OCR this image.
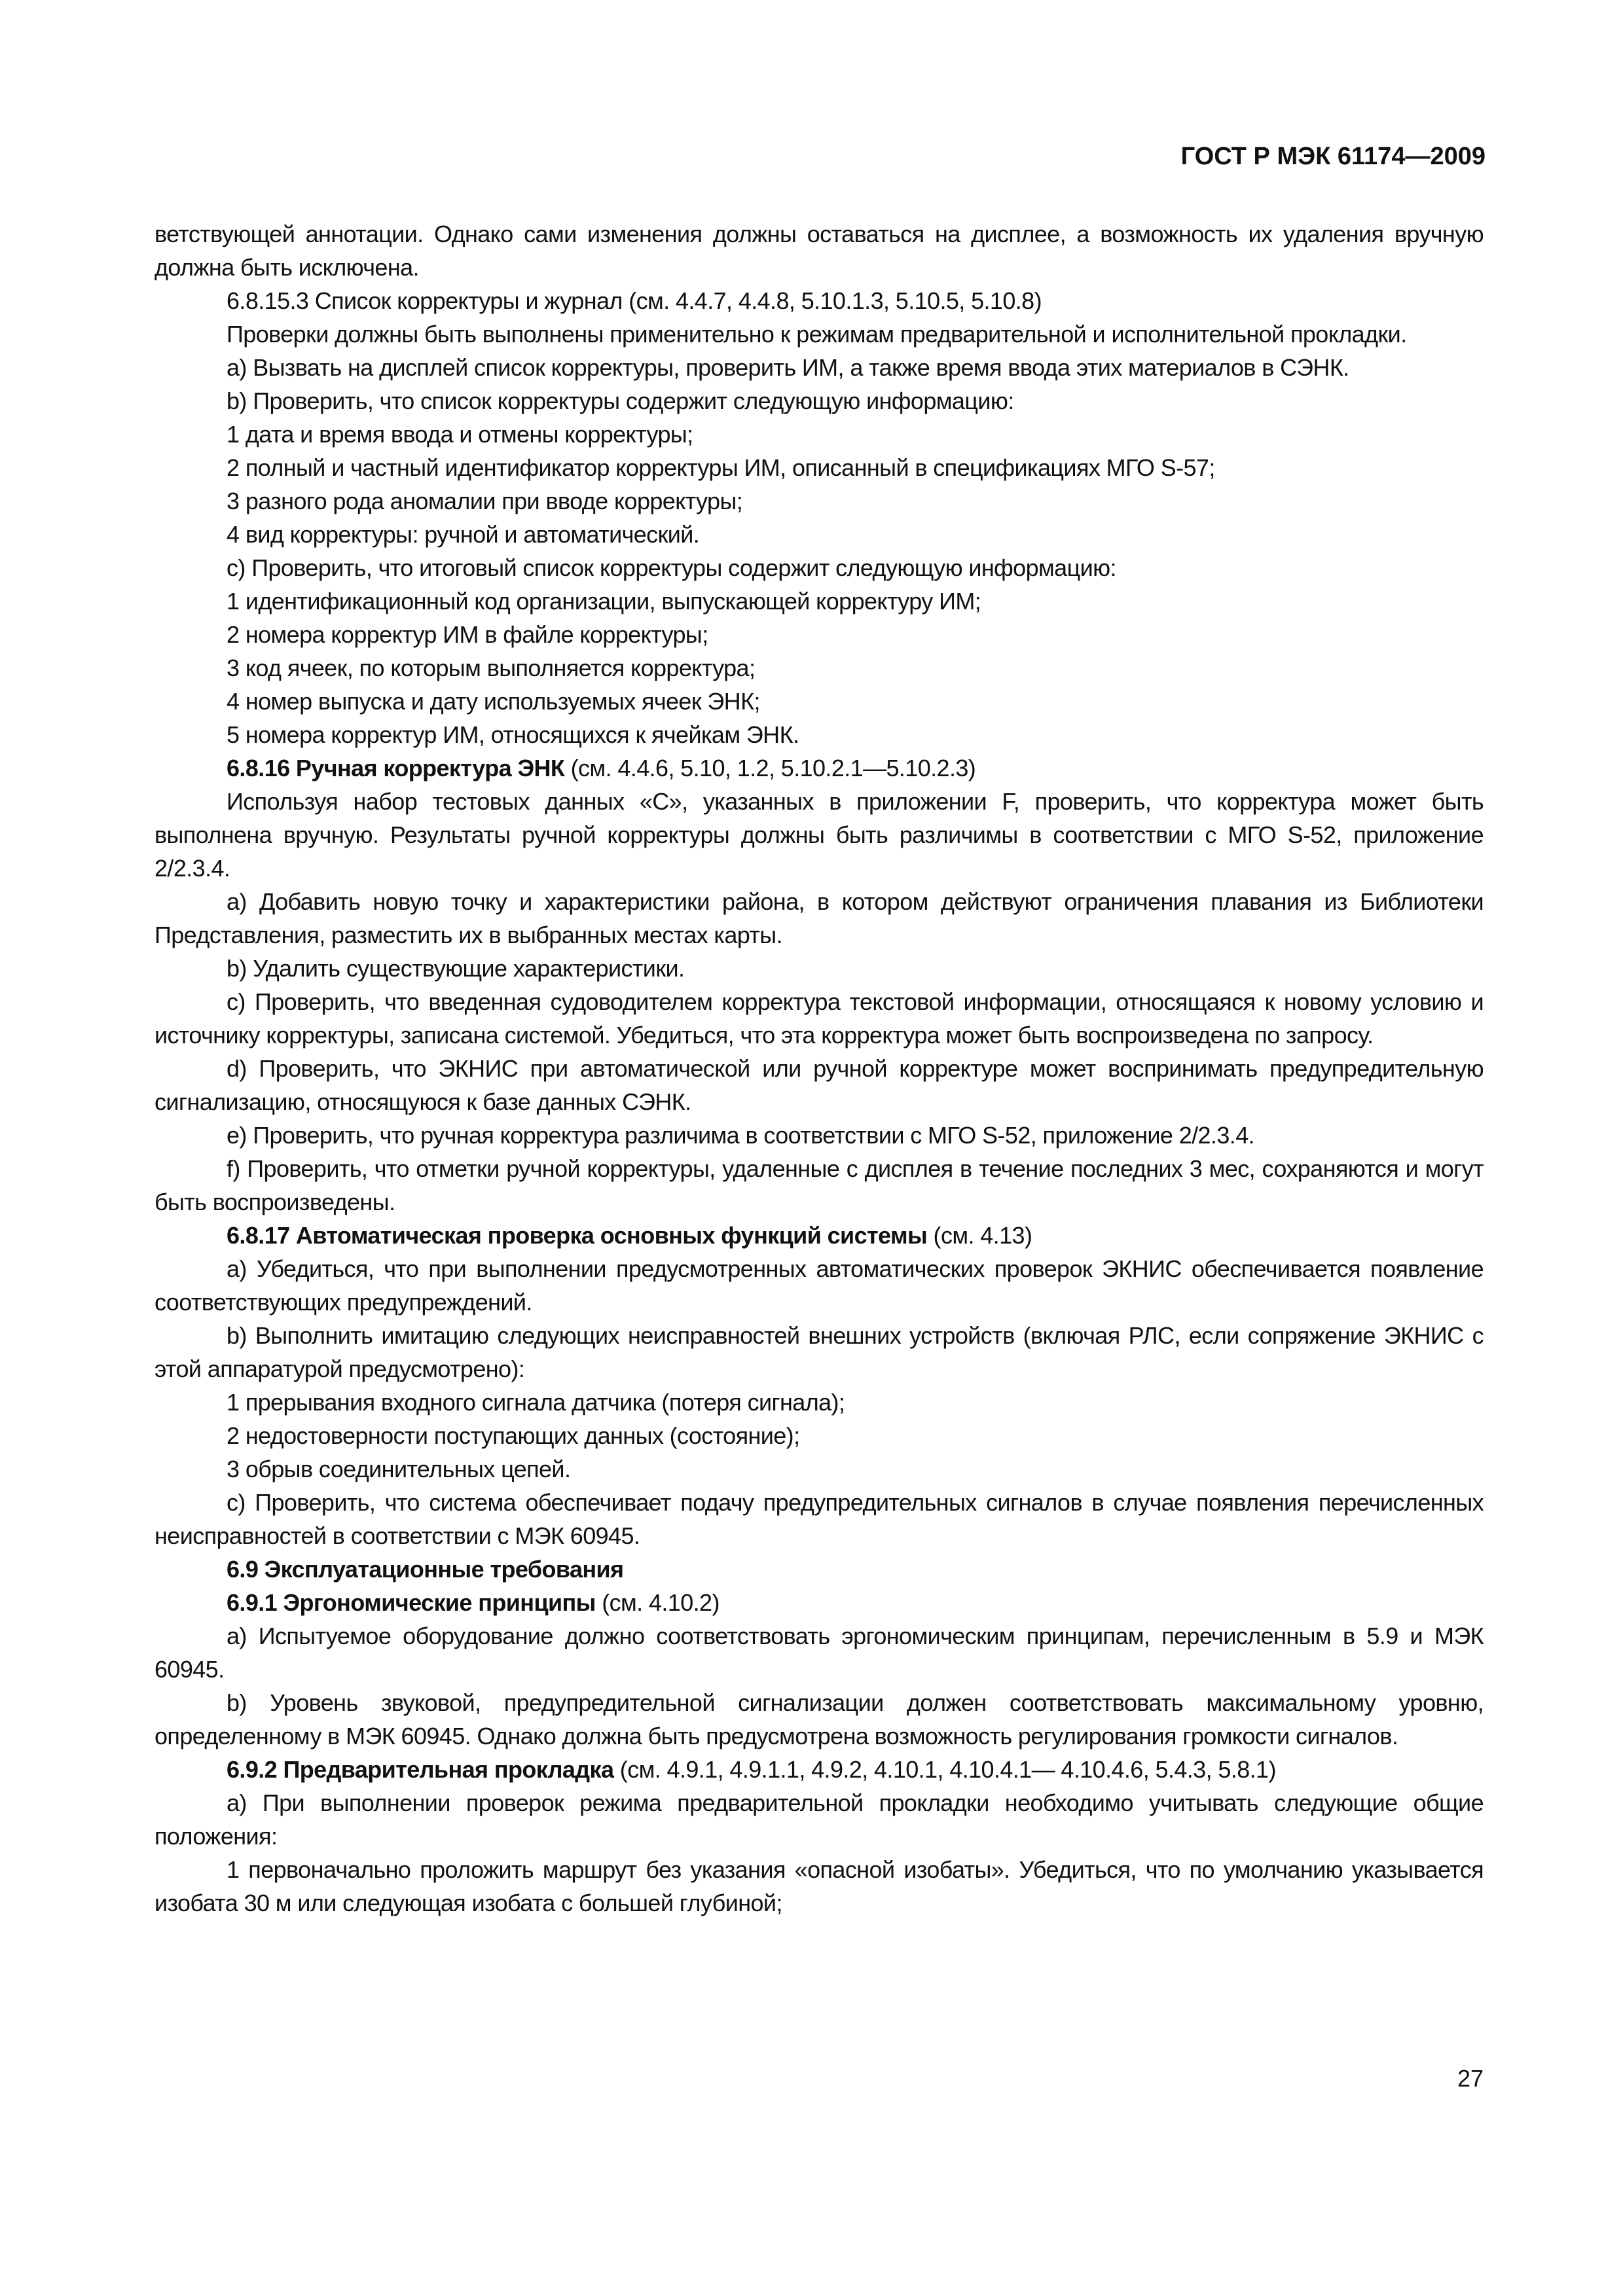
ГОСТ Р МЭК 61174—2009

ветствующей аннотации. Однако сами изменения должны оставаться на дисплее, а возможность их удаления вручную должна быть исключена.

6.8.15.3 Список корректуры и журнал (см. 4.4.7, 4.4.8, 5.10.1.3, 5.10.5, 5.10.8)

Проверки должны быть выполнены применительно к режимам предварительной и исполнительной прокладки.

a) Вызвать на дисплей список корректуры, проверить ИМ, а также время ввода этих материалов в СЭНК.

b) Проверить, что список корректуры содержит следующую информацию:

1 дата и время ввода и отмены корректуры;

2 полный и частный идентификатор корректуры ИМ, описанный в спецификациях МГО S-57;

3 разного рода аномалии при вводе корректуры;

4 вид корректуры: ручной и автоматический.

c) Проверить, что итоговый список корректуры содержит следующую информацию:

1 идентификационный код организации, выпускающей корректуру ИМ;

2 номера корректур ИМ в файле корректуры;

3 код ячеек, по которым выполняется корректура;

4 номер выпуска и дату используемых ячеек ЭНК;

5 номера корректур ИМ, относящихся к ячейкам ЭНК.

6.8.16 Ручная корректура ЭНК (см. 4.4.6, 5.10, 1.2, 5.10.2.1—5.10.2.3)

Используя набор тестовых данных «С», указанных в приложении F, проверить, что корректура может быть выполнена вручную. Результаты ручной корректуры должны быть различимы в соответствии с МГО S-52, приложение 2/2.3.4.

a) Добавить новую точку и характеристики района, в котором действуют ограничения плавания из Библиотеки Представления, разместить их в выбранных местах карты.

b) Удалить существующие характеристики.

c) Проверить, что введенная судоводителем корректура текстовой информации, относящаяся к новому условию и источнику корректуры, записана системой. Убедиться, что эта корректура может быть воспроизведена по запросу.

d) Проверить, что ЭКНИС при автоматической или ручной корректуре может воспринимать предупредительную сигнализацию, относящуюся к базе данных СЭНК.

e) Проверить, что ручная корректура различима в соответствии с МГО S-52, приложение 2/2.3.4.

f) Проверить, что отметки ручной корректуры, удаленные с дисплея в течение последних 3 мес, сохраняются и могут быть воспроизведены.

6.8.17 Автоматическая проверка основных функций системы (см. 4.13)

a) Убедиться, что при выполнении предусмотренных автоматических проверок ЭКНИС обеспечивается появление соответствующих предупреждений.

b) Выполнить имитацию следующих неисправностей внешних устройств (включая РЛС, если сопряжение ЭКНИС с этой аппаратурой предусмотрено):

1 прерывания входного сигнала датчика (потеря сигнала);

2 недостоверности поступающих данных (состояние);

3 обрыв соединительных цепей.

c) Проверить, что система обеспечивает подачу предупредительных сигналов в случае появления перечисленных неисправностей в соответствии с МЭК 60945.

6.9 Эксплуатационные требования

6.9.1 Эргономические принципы (см. 4.10.2)

a) Испытуемое оборудование должно соответствовать эргономическим принципам, перечисленным в 5.9 и МЭК 60945.

b) Уровень звуковой, предупредительной сигнализации должен соответствовать максимальному уровню, определенному в МЭК 60945. Однако должна быть предусмотрена возможность регулирования громкости сигналов.

6.9.2 Предварительная прокладка (см. 4.9.1, 4.9.1.1, 4.9.2, 4.10.1, 4.10.4.1— 4.10.4.6, 5.4.3, 5.8.1)

a) При выполнении проверок режима предварительной прокладки необходимо учитывать следующие общие положения:

1 первоначально проложить маршрут без указания «опасной изобаты». Убедиться, что по умолчанию указывается изобата 30 м или следующая изобата с большей глубиной;

27
